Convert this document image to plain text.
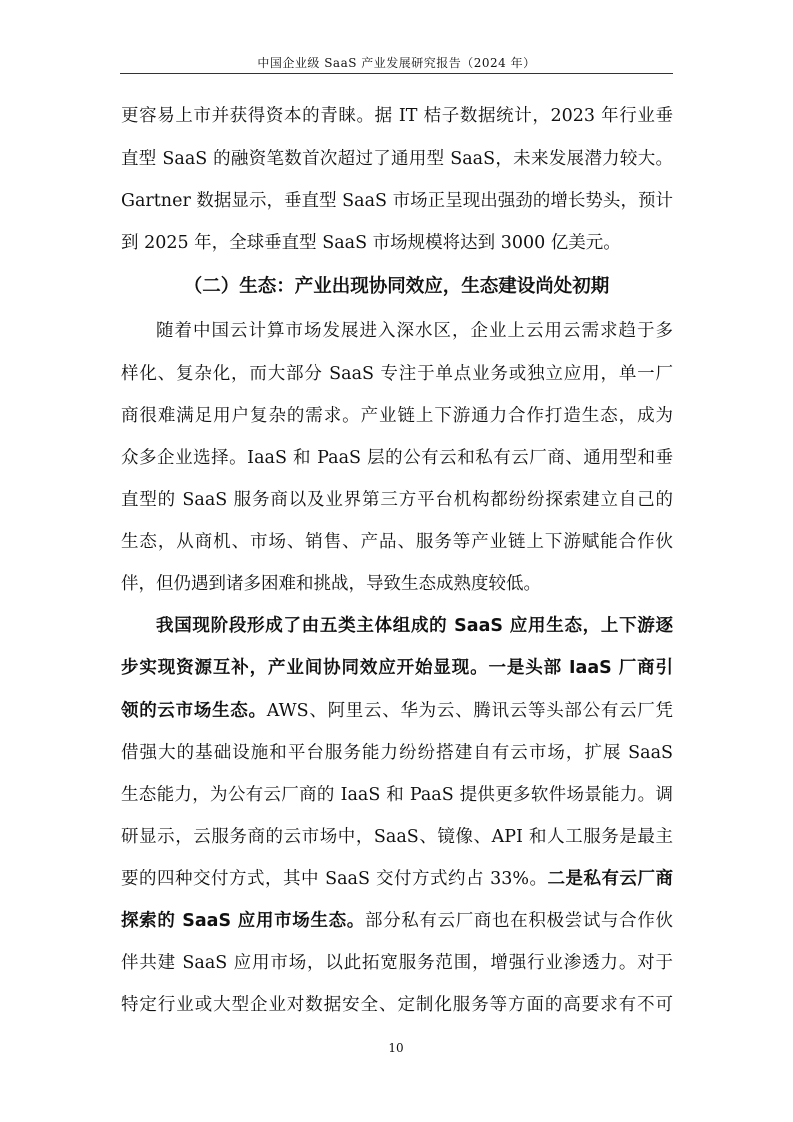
中国企业级 SaaS 产业发展研究报告（2024 年）
更容易上市并获得资本的青睐。据 IT 桔子数据统计，2023 年行业垂
直型 SaaS 的融资笔数首次超过了通用型 SaaS，未来发展潜力较大。
Gartner 数据显示，垂直型 SaaS 市场正呈现出强劲的增长势头，预计
到 2025 年，全球垂直型 SaaS 市场规模将达到 3000 亿美元。
（二）生态：产业出现协同效应，生态建设尚处初期
随着中国云计算市场发展进入深水区，企业上云用云需求趋于多
样化、复杂化，而大部分 SaaS 专注于单点业务或独立应用，单一厂
商很难满足用户复杂的需求。产业链上下游通力合作打造生态，成为
众多企业选择。IaaS 和 PaaS 层的公有云和私有云厂商、通用型和垂
直型的 SaaS 服务商以及业界第三方平台机构都纷纷探索建立自己的
生态，从商机、市场、销售、产品、服务等产业链上下游赋能合作伙
伴，但仍遇到诸多困难和挑战，导致生态成熟度较低。
我国现阶段形成了由五类主体组成的 SaaS 应用生态，上下游逐
步实现资源互补，产业间协同效应开始显现。一是头部 IaaS 厂商引
领的云市场生态。AWS、阿里云、华为云、腾讯云等头部公有云厂凭
借强大的基础设施和平台服务能力纷纷搭建自有云市场，扩展 SaaS
生态能力，为公有云厂商的 IaaS 和 PaaS 提供更多软件场景能力。调
研显示，云服务商的云市场中，SaaS、镜像、API 和人工服务是最主
要的四种交付方式，其中 SaaS 交付方式约占 33%。二是私有云厂商
探索的 SaaS 应用市场生态。部分私有云厂商也在积极尝试与合作伙
伴共建 SaaS 应用市场，以此拓宽服务范围，增强行业渗透力。对于
特定行业或大型企业对数据安全、定制化服务等方面的高要求有不可
10
